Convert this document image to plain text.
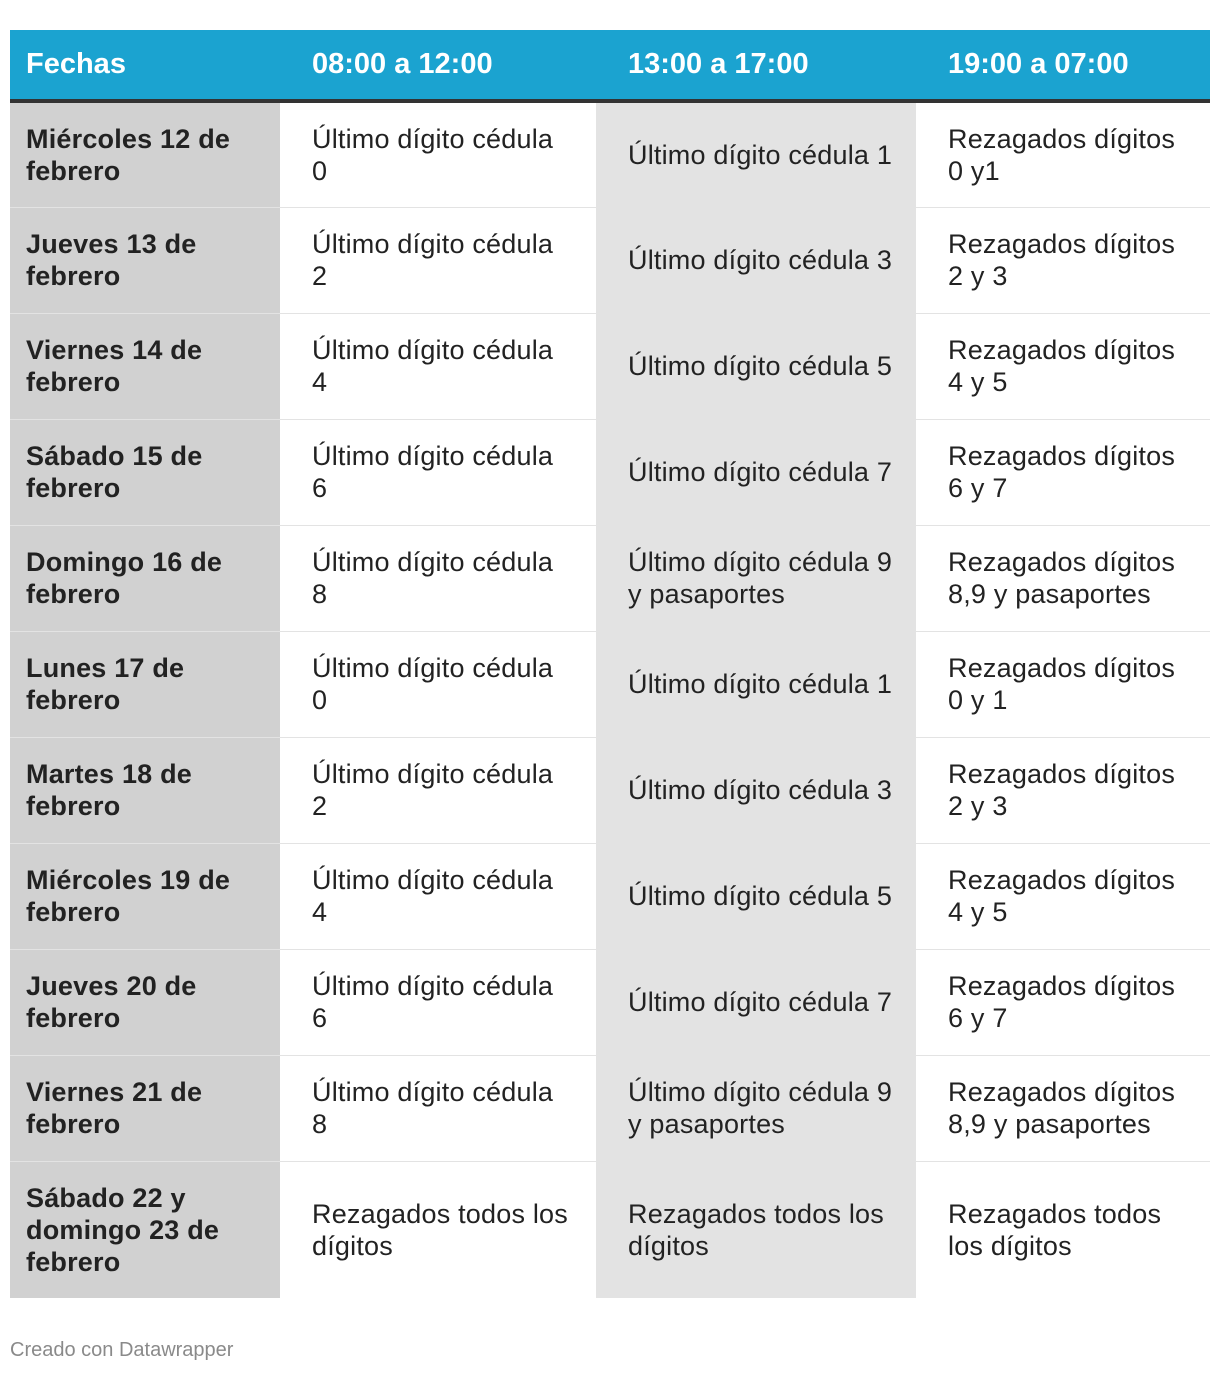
Fechas	08:00 a 12:00	13:00 a 17:00	19:00 a 07:00
Miércoles 12 de febrero	Último dígito cédula 0	Último dígito cédula 1	Rezagados dígitos 0 y1
Jueves 13 de febrero	Último dígito cédula 2	Último dígito cédula 3	Rezagados dígitos 2 y 3
Viernes 14 de febrero	Último dígito cédula 4	Último dígito cédula 5	Rezagados dígitos 4 y 5
Sábado 15 de febrero	Último dígito cédula 6	Último dígito cédula 7	Rezagados dígitos 6 y 7
Domingo 16 de febrero	Último dígito cédula 8	Último dígito cédula 9 y pasaportes	Rezagados dígitos 8,9 y pasaportes
Lunes 17 de febrero	Último dígito cédula 0	Último dígito cédula 1	Rezagados dígitos 0 y 1
Martes 18 de febrero	Último dígito cédula 2	Último dígito cédula 3	Rezagados dígitos 2 y 3
Miércoles 19 de febrero	Último dígito cédula 4	Último dígito cédula 5	Rezagados dígitos 4 y 5
Jueves 20 de febrero	Último dígito cédula 6	Último dígito cédula 7	Rezagados dígitos 6 y 7
Viernes 21 de febrero	Último dígito cédula 8	Último dígito cédula 9 y pasaportes	Rezagados dígitos 8,9 y pasaportes
Sábado 22 y domingo 23 de febrero	Rezagados todos los dígitos	Rezagados todos los dígitos	Rezagados todos los dígitos
Creado con Datawrapper
